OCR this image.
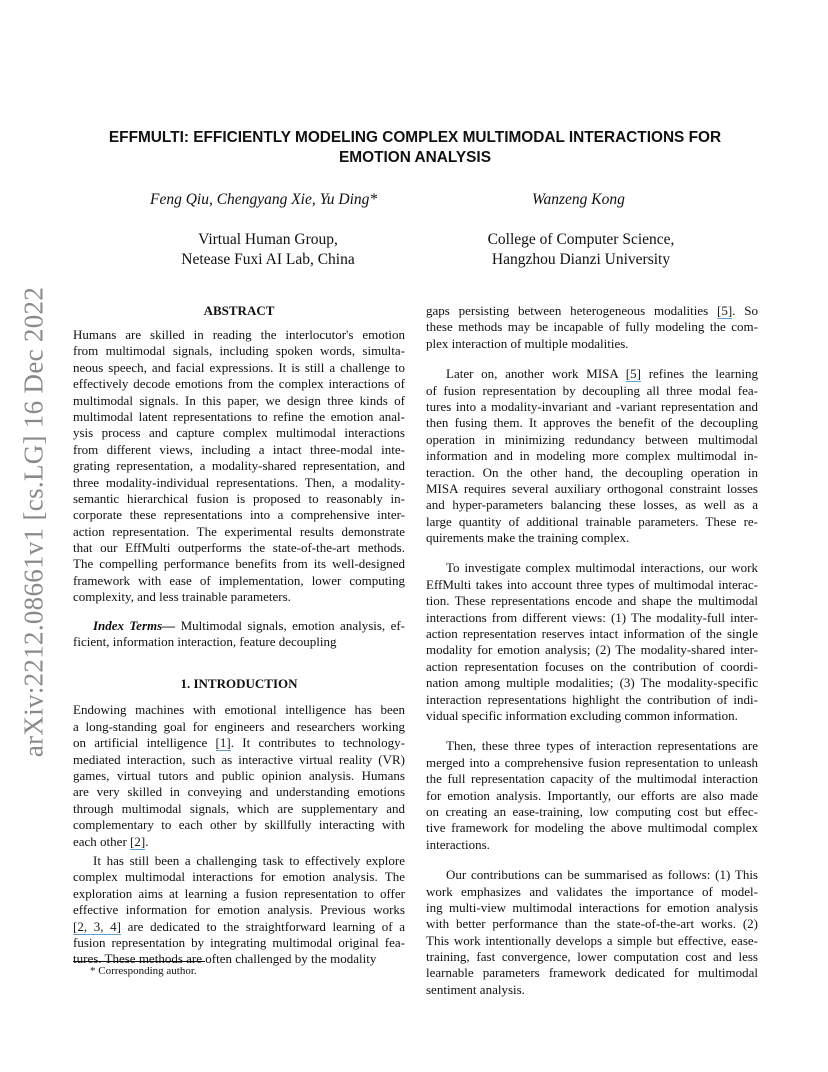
arXiv:2212.08661v1 [cs.LG] 16 Dec 2022
EFFMULTI: EFFICIENTLY MODELING COMPLEX MULTIMODAL INTERACTIONS FOR
EMOTION ANALYSIS
Feng Qiu, Chengyang Xie, Yu Ding*	Wanzeng Kong
Virtual Human Group,
Netease Fuxi AI Lab, China
College of Computer Science,
Hangzhou Dianzi University
ABSTRACT
Humans are skilled in reading the interlocutor's emotion
from multimodal signals, including spoken words, simulta-
neous speech, and facial expressions. It is still a challenge to
effectively decode emotions from the complex interactions of
multimodal signals. In this paper, we design three kinds of
multimodal latent representations to refine the emotion anal-
ysis process and capture complex multimodal interactions
from different views, including a intact three-modal inte-
grating representation, a modality-shared representation, and
three modality-individual representations. Then, a modality-
semantic hierarchical fusion is proposed to reasonably in-
corporate these representations into a comprehensive inter-
action representation. The experimental results demonstrate
that our EffMulti outperforms the state-of-the-art methods.
The compelling performance benefits from its well-designed
framework with ease of implementation, lower computing
complexity, and less trainable parameters.
Index Terms— Multimodal signals, emotion analysis, ef-
ficient, information interaction, feature decoupling
1. INTRODUCTION
Endowing machines with emotional intelligence has been
a long-standing goal for engineers and researchers working
on artificial intelligence [1]. It contributes to technology-
mediated interaction, such as interactive virtual reality (VR)
games, virtual tutors and public opinion analysis. Humans
are very skilled in conveying and understanding emotions
through multimodal signals, which are supplementary and
complementary to each other by skillfully interacting with
each other [2].
It has still been a challenging task to effectively explore
complex multimodal interactions for emotion analysis. The
exploration aims at learning a fusion representation to offer
effective information for emotion analysis. Previous works
[2, 3, 4] are dedicated to the straightforward learning of a
fusion representation by integrating multimodal original fea-
tures. These methods are often challenged by the modality
gaps persisting between heterogeneous modalities [5]. So
these methods may be incapable of fully modeling the com-
plex interaction of multiple modalities.
Later on, another work MISA [5] refines the learning
of fusion representation by decoupling all three modal fea-
tures into a modality-invariant and -variant representation and
then fusing them. It approves the benefit of the decoupling
operation in minimizing redundancy between multimodal
information and in modeling more complex multimodal in-
teraction. On the other hand, the decoupling operation in
MISA requires several auxiliary orthogonal constraint losses
and hyper-parameters balancing these losses, as well as a
large quantity of additional trainable parameters. These re-
quirements make the training complex.
To investigate complex multimodal interactions, our work
EffMulti takes into account three types of multimodal interac-
tion. These representations encode and shape the multimodal
interactions from different views: (1) The modality-full inter-
action representation reserves intact information of the single
modality for emotion analysis; (2) The modality-shared inter-
action representation focuses on the contribution of coordi-
nation among multiple modalities; (3) The modality-specific
interaction representations highlight the contribution of indi-
vidual specific information excluding common information.
Then, these three types of interaction representations are
merged into a comprehensive fusion representation to unleash
the full representation capacity of the multimodal interaction
for emotion analysis. Importantly, our efforts are also made
on creating an ease-training, low computing cost but effec-
tive framework for modeling the above multimodal complex
interactions.
Our contributions can be summarised as follows: (1) This
work emphasizes and validates the importance of model-
ing multi-view multimodal interactions for emotion analysis
with better performance than the state-of-the-art works. (2)
This work intentionally develops a simple but effective, ease-
training, fast convergence, lower computation cost and less
learnable parameters framework dedicated for multimodal
sentiment analysis.
* Corresponding author.
